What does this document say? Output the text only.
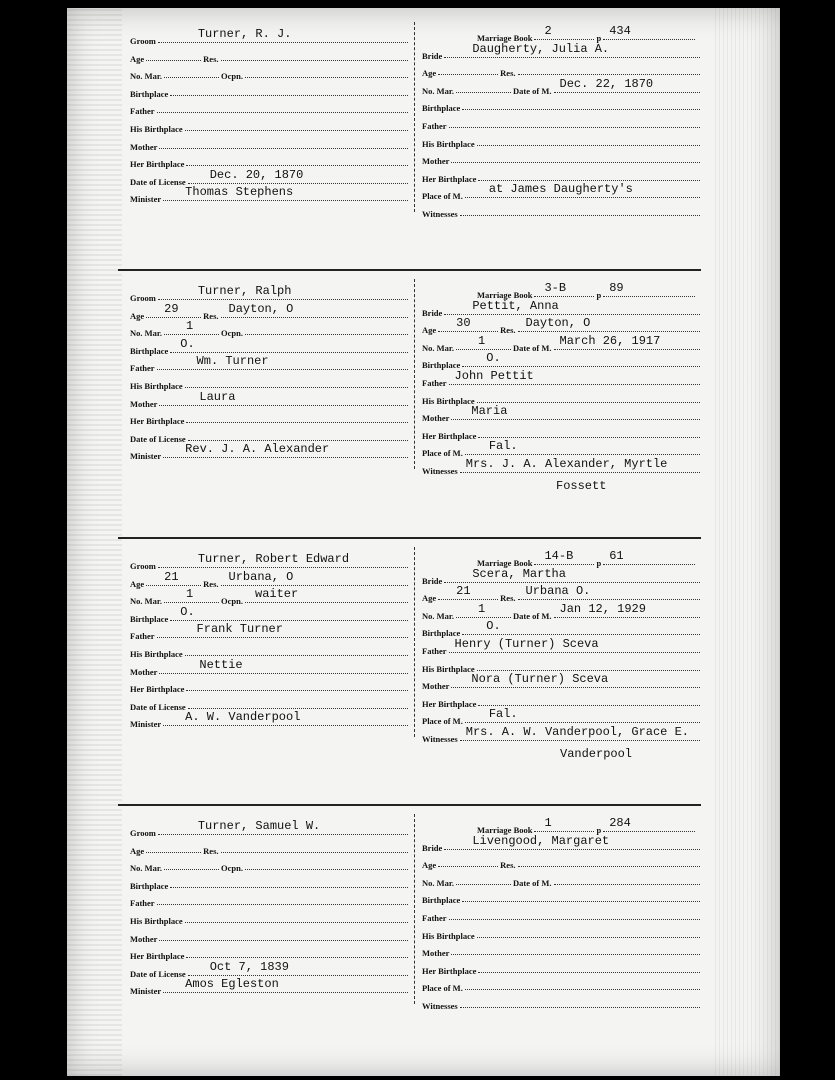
Groom	Turner, R. J.
Age	Res.
No. Mar.	Ocpn.
Birthplace
Father
His Birthplace
Mother
Her Birthplace
Date of License Dec. 20, 1870
Minister Thomas Stephens
Marriage Book 2	p 434
Bride	Daugherty, Julia A.
Age	Res.
No. Mar.	Date of M. Dec. 22, 1870
Birthplace
Father
His Birthplace
Mother
Her Birthplace
Place of M. at James Daugherty's
Witnesses
Groom	Turner, Ralph
Age 29	Res. Dayton, O
No. Mar. 1	Ocpn.
Birthplace O.
Father	Wm. Turner
His Birthplace
Mother	Laura
Her Birthplace
Date of License
Minister Rev. J. A. Alexander
Marriage Book 3-B	p 89
Bride	Pettit, Anna
Age 30	Res. Dayton, O
No. Mar. 1	Date of M. March 26, 1917
Birthplace O.
Father John Pettit
His Birthplace
Mother Maria
Her Birthplace
Place of M. Fal.
Witnesses Mrs. J. A. Alexander, Myrtle
Fossett
Groom	Turner, Robert Edward
Age 21	Res. Urbana, O
No. Mar. 1	Ocpn. waiter
Birthplace O.
Father	Frank Turner
His Birthplace
Mother	Nettie
Her Birthplace
Date of License
Minister A. W. Vanderpool
Marriage Book 14-B	p 61
Bride	Scera, Martha
Age 21	Res. Urbana O.
No. Mar. 1	Date of M. Jan 12, 1929
Birthplace O.
Father Henry (Turner) Sceva
His Birthplace
Mother Nora (Turner) Sceva
Her Birthplace
Place of M. Fal.
Witnesses Mrs. A. W. Vanderpool, Grace E.
Vanderpool
Groom	Turner, Samuel W.
Age	Res.
No. Mar.	Ocpn.
Birthplace
Father
His Birthplace
Mother
Her Birthplace
Date of License Oct 7, 1839
Minister Amos Egleston
Marriage Book 1	p 284
Bride	Livengood, Margaret
Age	Res.
No. Mar.	Date of M.
Birthplace
Father
His Birthplace
Mother
Her Birthplace
Place of M.
Witnesses
